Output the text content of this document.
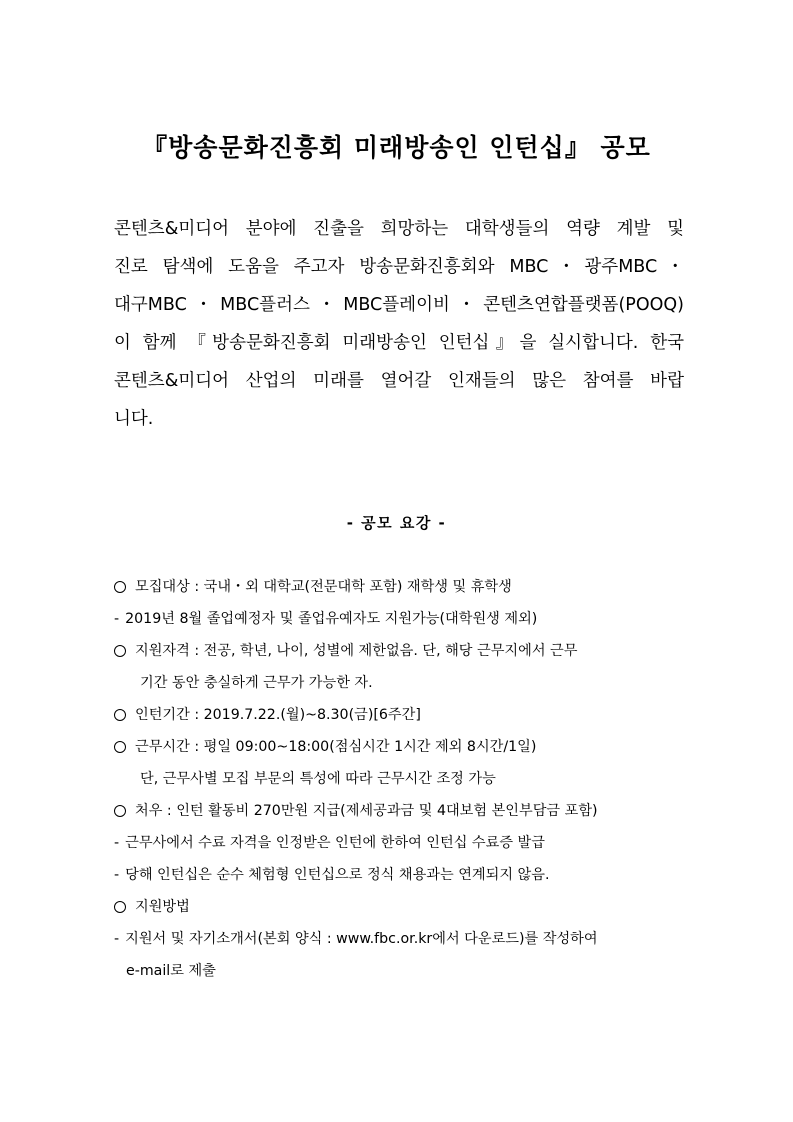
『방송문화진흥회 미래방송인 인턴십』 공모
콘텐츠&미디어 분야에 진출을 희망하는 대학생들의 역량 계발 및
진로 탐색에 도움을 주고자 방송문화진흥회와 MBC・광주MBC・
대구MBC・MBC플러스・MBC플레이비・콘텐츠연합플랫폼(POOQ)
이 함께 『방송문화진흥회 미래방송인 인턴십』을 실시합니다. 한국
콘텐츠&미디어 산업의 미래를 열어갈 인재들의 많은 참여를 바랍
니다.
- 공모 요강 -
모집대상 : 국내・외 대학교(전문대학 포함) 재학생 및 휴학생
- 2019년 8월 졸업예정자 및 졸업유예자도 지원가능(대학원생 제외)
지원자격 : 전공, 학년, 나이, 성별에 제한없음. 단, 해당 근무지에서 근무
기간 동안 충실하게 근무가 가능한 자.
인턴기간 : 2019.7.22.(월)~8.30(금)[6주간]
근무시간 : 평일 09:00~18:00(점심시간 1시간 제외 8시간/1일)
단, 근무사별 모집 부문의 특성에 따라 근무시간 조정 가능
처우 : 인턴 활동비 270만원 지급(제세공과금 및 4대보험 본인부담금 포함)
- 근무사에서 수료 자격을 인정받은 인턴에 한하여 인턴십 수료증 발급
- 당해 인턴십은 순수 체험형 인턴십으로 정식 채용과는 연계되지 않음.
지원방법
- 지원서 및 자기소개서(본회 양식 : www.fbc.or.kr에서 다운로드)를 작성하여
e-mail로 제출
